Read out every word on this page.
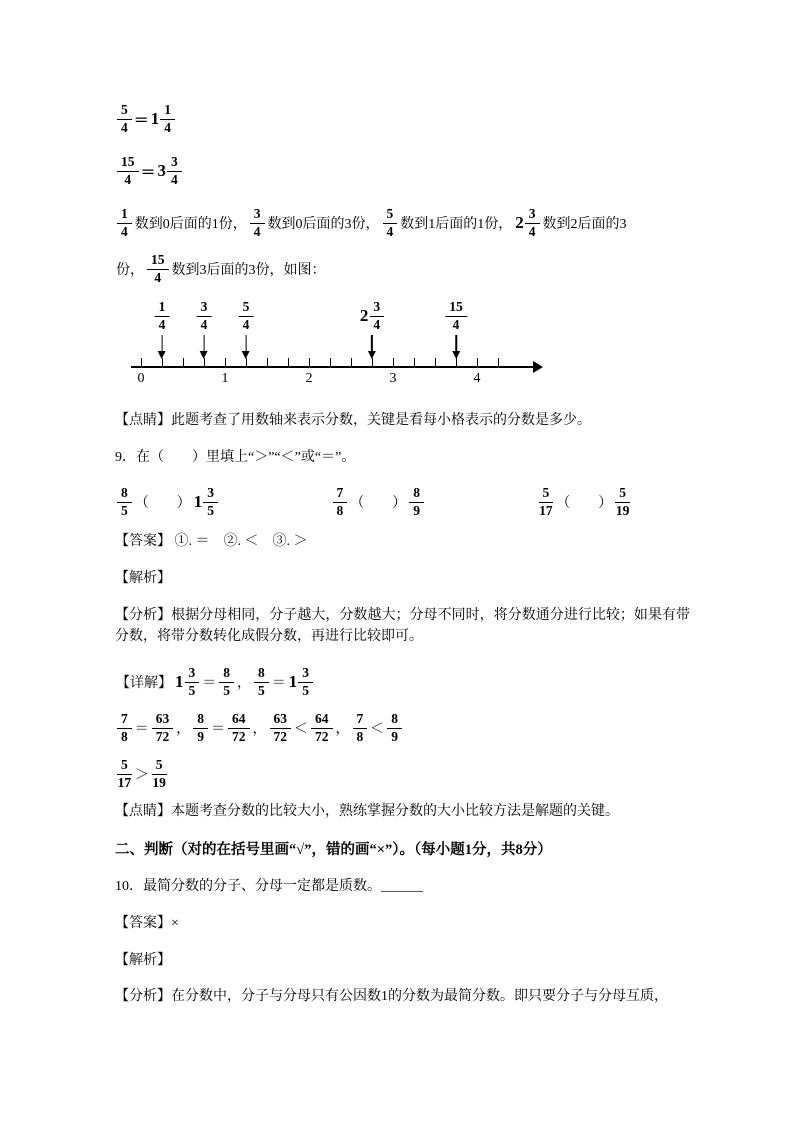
$\frac{5}{4} = 1 \frac{1}{4}$
$\frac{15}{4} = 3 \frac{3}{4}$
$\frac{1}{4}$ 数到0后面的1份， $\frac{3}{4}$ 数到0后面的3份， $\frac{5}{4}$ 数到1后面的1份， $2 \frac{3}{4}$ 数到2后面的3
份， $\frac{15}{4}$ 数到3后面的3份，如图：
0	1	2	3	4
$\frac{1}{4} \frac{3}{4} \frac{5}{4}$	$2 \frac{3}{4}$	$\frac{15}{4}$

【点睛】此题考查了用数轴来表示分数，关键是看每小格表示的分数是多少。

9．在（　　）里填上“＞”“＜”或“＝”。

$\frac{8}{5}$ （　　） $1 \frac{3}{5}$	$\frac{7}{8}$ （　　） $\frac{8}{9}$	$\frac{5}{17}$ （　　） $\frac{5}{19}$

【答案】 ①. ＝　②. ＜　③. ＞

【解析】

【分析】根据分母相同，分子越大，分数越大；分母不同时，将分数通分进行比较；如果有带分数，将带分数转化成假分数，再进行比较即可。

【详解】 $1 \frac{3}{5} = \frac{8}{5}$ ， $\frac{8}{5} = 1 \frac{3}{5}$
$\frac{7}{8} = \frac{63}{72}$ ， $\frac{8}{9} = \frac{64}{72}$ ， $\frac{63}{72} < \frac{64}{72}$ ， $\frac{7}{8} < \frac{8}{9}$
$\frac{5}{17} > \frac{5}{19}$

【点睛】本题考查分数的比较大小，熟练掌握分数的大小比较方法是解题的关键。

二、判断（对的在括号里画“√”，错的画“×”）。（每小题1分，共8分）

10．最简分数的分子、分母一定都是质数。______

【答案】×

【解析】

【分析】在分数中，分子与分母只有公因数1的分数为最简分数。即只要分子与分母互质，
